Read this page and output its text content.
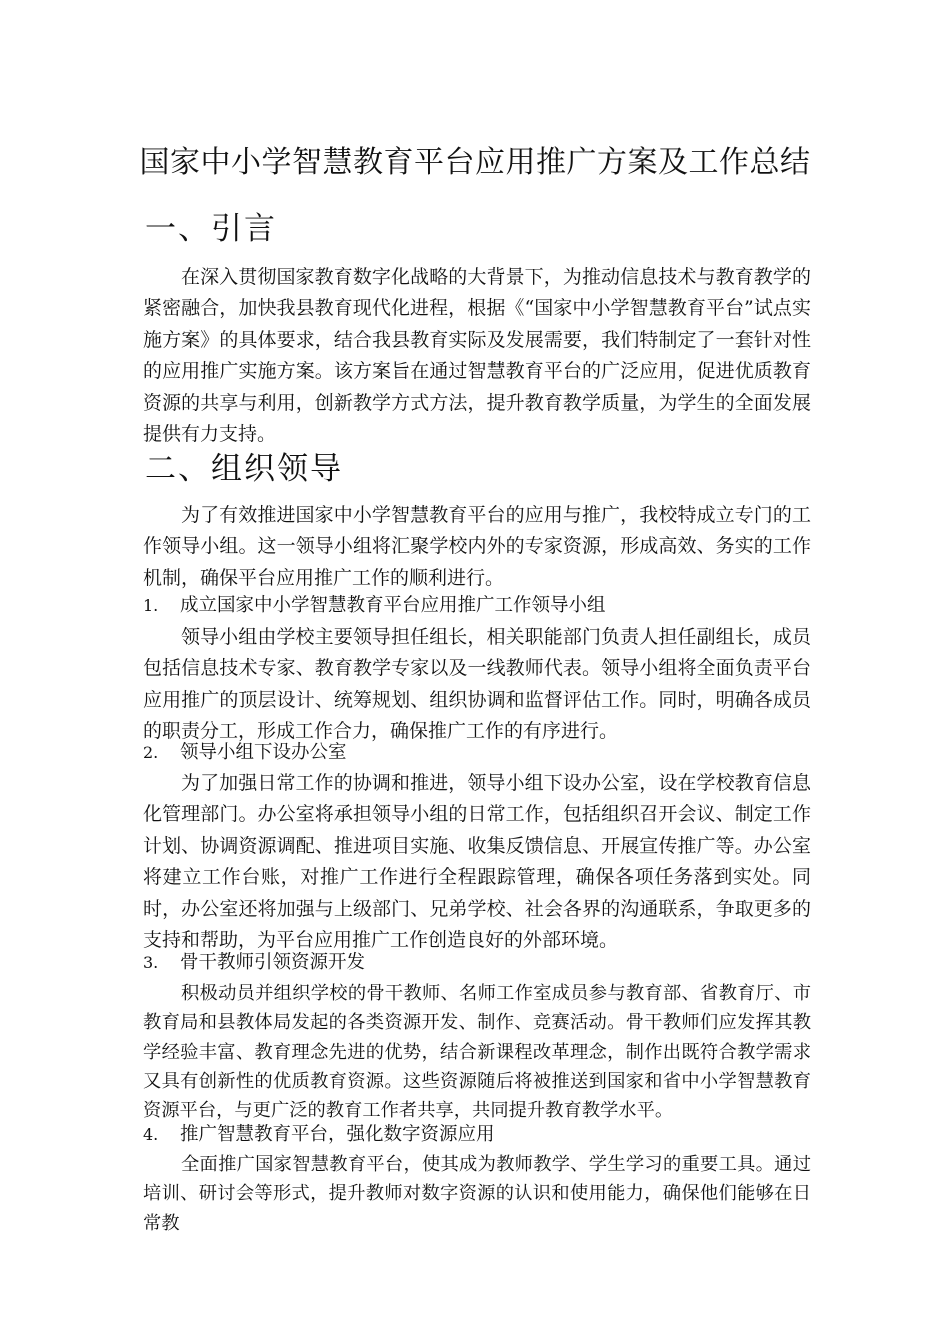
国家中小学智慧教育平台应用推广方案及工作总结
一、引言

在深入贯彻国家教育数字化战略的大背景下，为推动信息技术与教育教学的紧密融合，加快我县教育现代化进程，根据《“国家中小学智慧教育平台”试点实施方案》的具体要求，结合我县教育实际及发展需要，我们特制定了一套针对性的应用推广实施方案。该方案旨在通过智慧教育平台的广泛应用，促进优质教育资源的共享与利用，创新教学方式方法，提升教育教学质量，为学生的全面发展提供有力支持。

二、组织领导

为了有效推进国家中小学智慧教育平台的应用与推广，我校特成立专门的工作领导小组。这一领导小组将汇聚学校内外的专家资源，形成高效、务实的工作机制，确保平台应用推广工作的顺利进行。

1. 成立国家中小学智慧教育平台应用推广工作领导小组

领导小组由学校主要领导担任组长，相关职能部门负责人担任副组长，成员包括信息技术专家、教育教学专家以及一线教师代表。领导小组将全面负责平台应用推广的顶层设计、统筹规划、组织协调和监督评估工作。同时，明确各成员的职责分工，形成工作合力，确保推广工作的有序进行。

2. 领导小组下设办公室

为了加强日常工作的协调和推进，领导小组下设办公室，设在学校教育信息化管理部门。办公室将承担领导小组的日常工作，包括组织召开会议、制定工作计划、协调资源调配、推进项目实施、收集反馈信息、开展宣传推广等。办公室将建立工作台账，对推广工作进行全程跟踪管理，确保各项任务落到实处。同时，办公室还将加强与上级部门、兄弟学校、社会各界的沟通联系，争取更多的支持和帮助，为平台应用推广工作创造良好的外部环境。

3. 骨干教师引领资源开发

积极动员并组织学校的骨干教师、名师工作室成员参与教育部、省教育厅、市教育局和县教体局发起的各类资源开发、制作、竞赛活动。骨干教师们应发挥其教学经验丰富、教育理念先进的优势，结合新课程改革理念，制作出既符合教学需求又具有创新性的优质教育资源。这些资源随后将被推送到国家和省中小学智慧教育资源平台，与更广泛的教育工作者共享，共同提升教育教学水平。

4. 推广智慧教育平台，强化数字资源应用

全面推广国家智慧教育平台，使其成为教师教学、学生学习的重要工具。通过培训、研讨会等形式，提升教师对数字资源的认识和使用能力，确保他们能够在日常教
